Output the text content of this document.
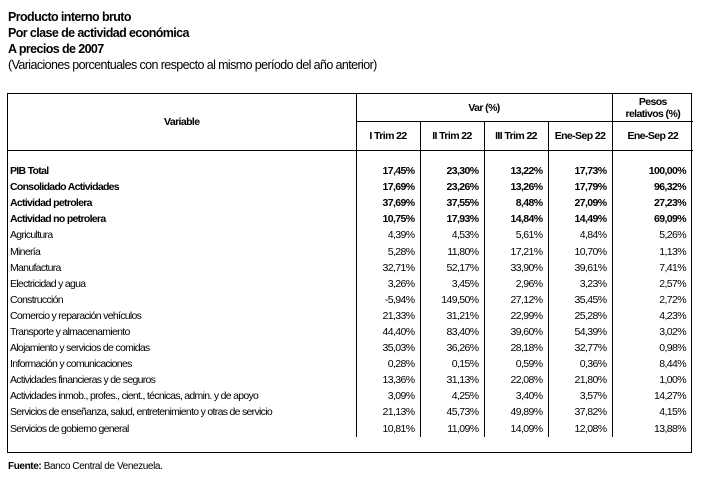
Producto interno bruto
Por clase de actividad económica
A precios de 2007
(Variaciones porcentuales con respecto al mismo período del año anterior)
Variable	Var (%)				Pesos
relativos (%)

	I Trim 22	II Trim 22	III Trim 22	Ene-Sep 22	Ene-Sep 22

PIB Total	17,45%	23,30%	13,22%	17,73%	100,00%
Consolidado Actividades	17,69%	23,26%	13,26%	17,79%	96,32%
Actividad petrolera	37,69%	37,55%	8,48%	27,09%	27,23%
Actividad no petrolera	10,75%	17,93%	14,84%	14,49%	69,09%
Agricultura	4,39%	4,53%	5,61%	4,84%	5,26%
Minería	5,28%	11,80%	17,21%	10,70%	1,13%
Manufactura	32,71%	52,17%	33,90%	39,61%	7,41%
Electricidad y agua	3,26%	3,45%	2,96%	3,23%	2,57%
Construcción	-5,94%	149,50%	27,12%	35,45%	2,72%
Comercio y reparación vehículos	21,33%	31,21%	22,99%	25,28%	4,23%
Transporte y almacenamiento	44,40%	83,40%	39,60%	54,39%	3,02%
Alojamiento y servicios de comidas	35,03%	36,26%	28,18%	32,77%	0,98%
Información y comunicaciones	0,28%	0,15%	0,59%	0,36%	8,44%
Actividades financieras y de seguros	13,36%	31,13%	22,08%	21,80%	1,00%
Actividades inmob., profes., cient., técnicas, admin. y de apoyo	3,09%	4,25%	3,40%	3,57%	14,27%
Servicios de enseñanza, salud, entretenimiento y otras de servicio	21,13%	45,73%	49,89%	37,82%	4,15%
Servicios de gobierno general	10,81%	11,09%	14,09%	12,08%	13,88%
Fuente: Banco Central de Venezuela.
